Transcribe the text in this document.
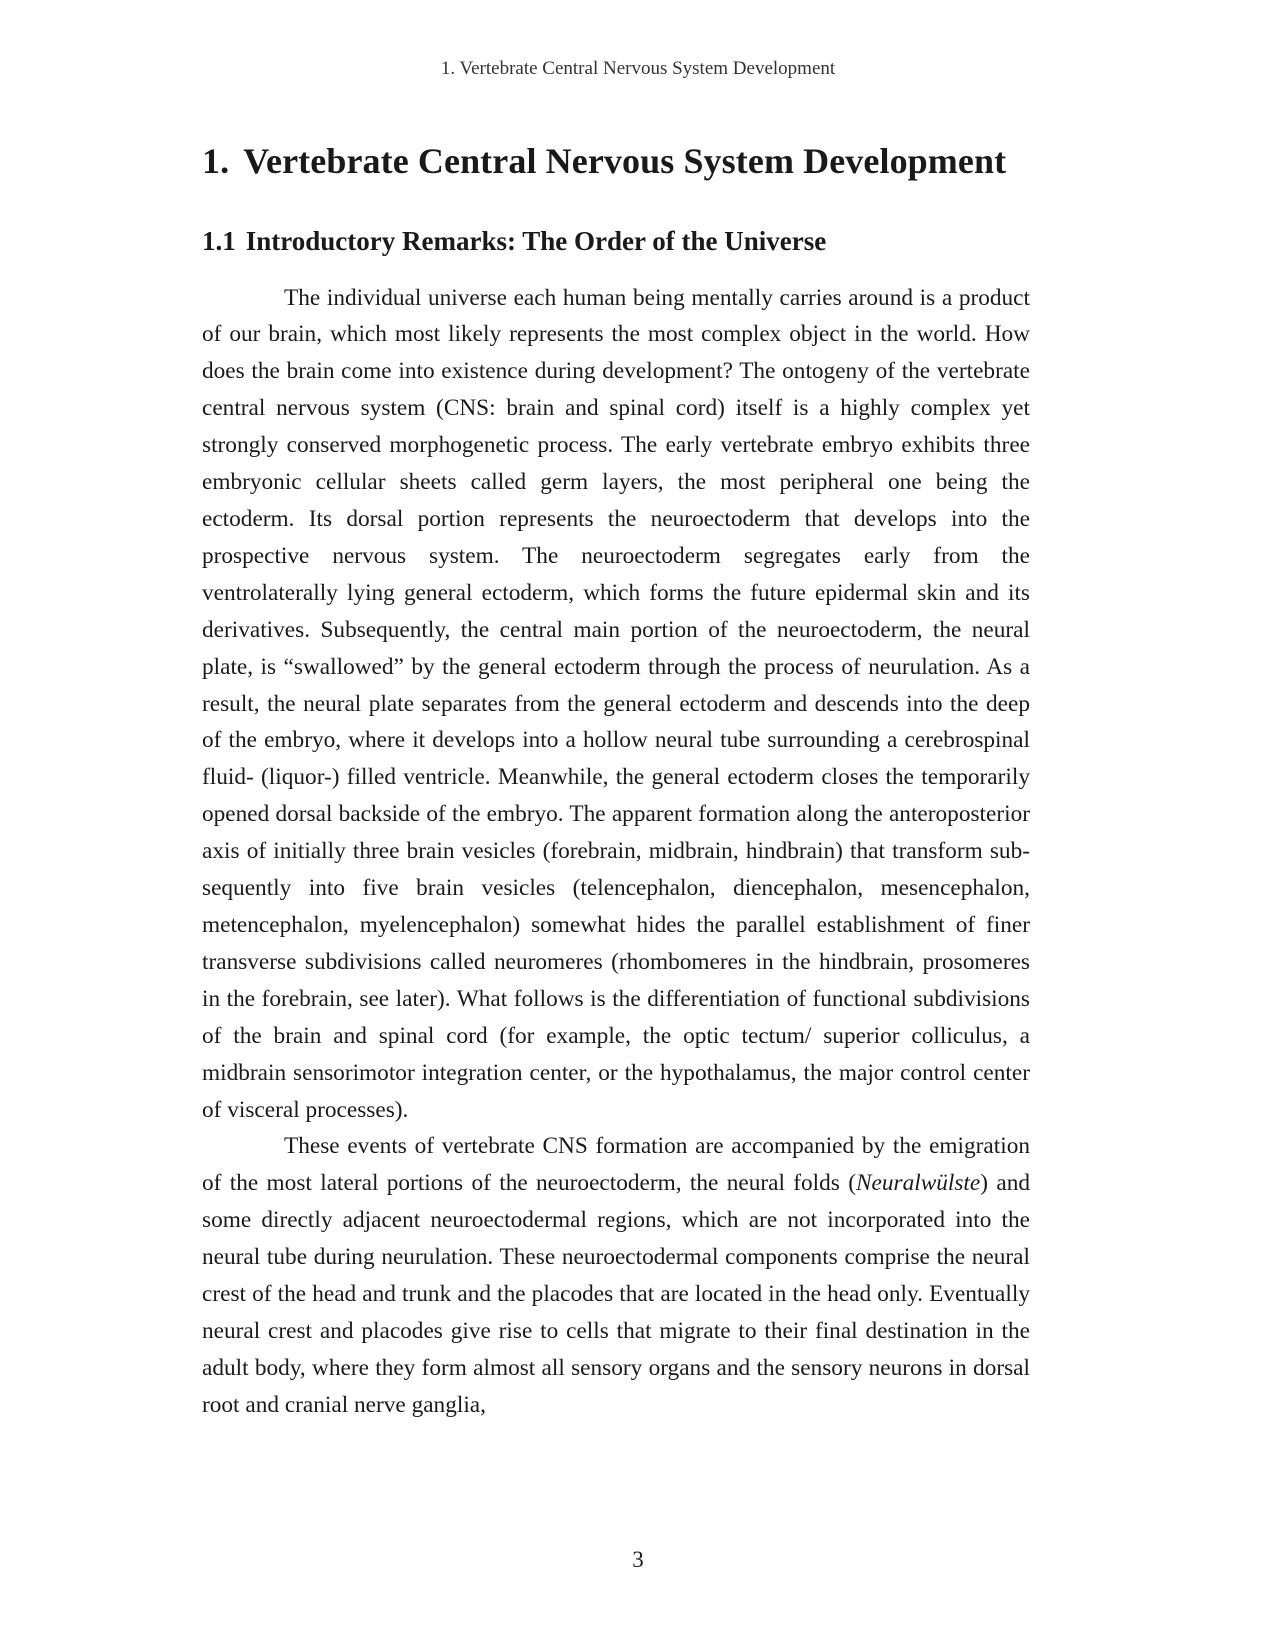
1. Vertebrate Central Nervous System Development
1. Vertebrate Central Nervous System Development
1.1 Introductory Remarks: The Order of the Universe

The individual universe each human being mentally carries around is a product of our brain, which most likely represents the most complex object in the world. How does the brain come into existence during development? The ontogeny of the vertebrate central nervous system (CNS: brain and spinal cord) itself is a highly complex yet strongly conserved morphogenetic process. The early vertebrate embryo exhibits three embryonic cellular sheets called germ layers, the most peripheral one being the ectoderm. Its dorsal portion represents the neuroectoderm that develops into the prospective nervous system. The neuroectoderm segregates early from the ventrolaterally lying general ectoderm, which forms the future epidermal skin and its derivatives. Subsequently, the central main portion of the neuroectoderm, the neural plate, is “swallowed” by the general ectoderm through the process of neurulation. As a result, the neural plate separates from the general ectoderm and descends into the deep of the embryo, where it develops into a hollow neural tube surrounding a cerebrospinal fluid- (liquor-) filled ventricle. Meanwhile, the general ectoderm closes the temporarily opened dorsal backside of the embryo. The apparent formation along the anteroposterior axis of initially three brain vesicles (forebrain, midbrain, hindbrain) that transform subsequently into five brain vesicles (telencephalon, diencephalon, mesencephalon, metencephalon, myelencephalon) somewhat hides the parallel establishment of finer transverse subdivisions called neuromeres (rhombomeres in the hindbrain, prosomeres in the forebrain, see later). What follows is the differentiation of functional subdivisions of the brain and spinal cord (for example, the optic tectum/ superior colliculus, a midbrain sensorimotor integration center, or the hypothalamus, the major control center of visceral processes).

These events of vertebrate CNS formation are accompanied by the emigration of the most lateral portions of the neuroectoderm, the neural folds (Neuralwülste) and some directly adjacent neuroectodermal regions, which are not incorporated into the neural tube during neurulation. These neuroectodermal components comprise the neural crest of the head and trunk and the placodes that are located in the head only. Eventually neural crest and placodes give rise to cells that migrate to their final destination in the adult body, where they form almost all sensory organs and the sensory neurons in dorsal root and cranial nerve ganglia,

3
